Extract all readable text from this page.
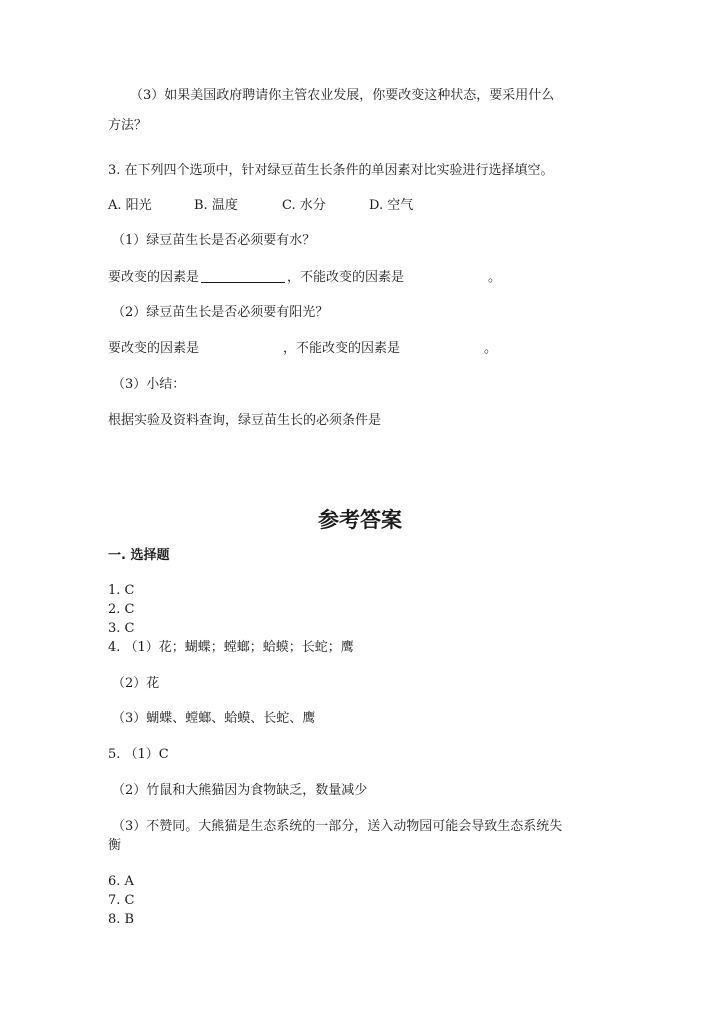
（3）如果美国政府聘请你主管农业发展，你要改变这种状态，要采用什么
方法？
3. 在下列四个选项中，针对绿豆苗生长条件的单因素对比实验进行选择填空。
A. 阳光	B. 温度	C. 水分	D. 空气
（1）绿豆苗生长是否必须要有水？
要改变的因素是	，不能改变的因素是	。
（2）绿豆苗生长是否必须要有阳光？
要改变的因素是	，不能改变的因素是	。
（3）小结：
根据实验及资料查询，绿豆苗生长的必须条件是
参考答案
一. 选择题
1. C
2. C
3. C
4. （1）花；蝴蝶；螳螂；蛤蟆；长蛇；鹰
（2）花
（3）蝴蝶、螳螂、蛤蟆、长蛇、鹰
5. （1）C
（2）竹鼠和大熊猫因为食物缺乏，数量减少
（3）不赞同。大熊猫是生态系统的一部分，送入动物园可能会导致生态系统失
衡
6. A
7. C
8. B
